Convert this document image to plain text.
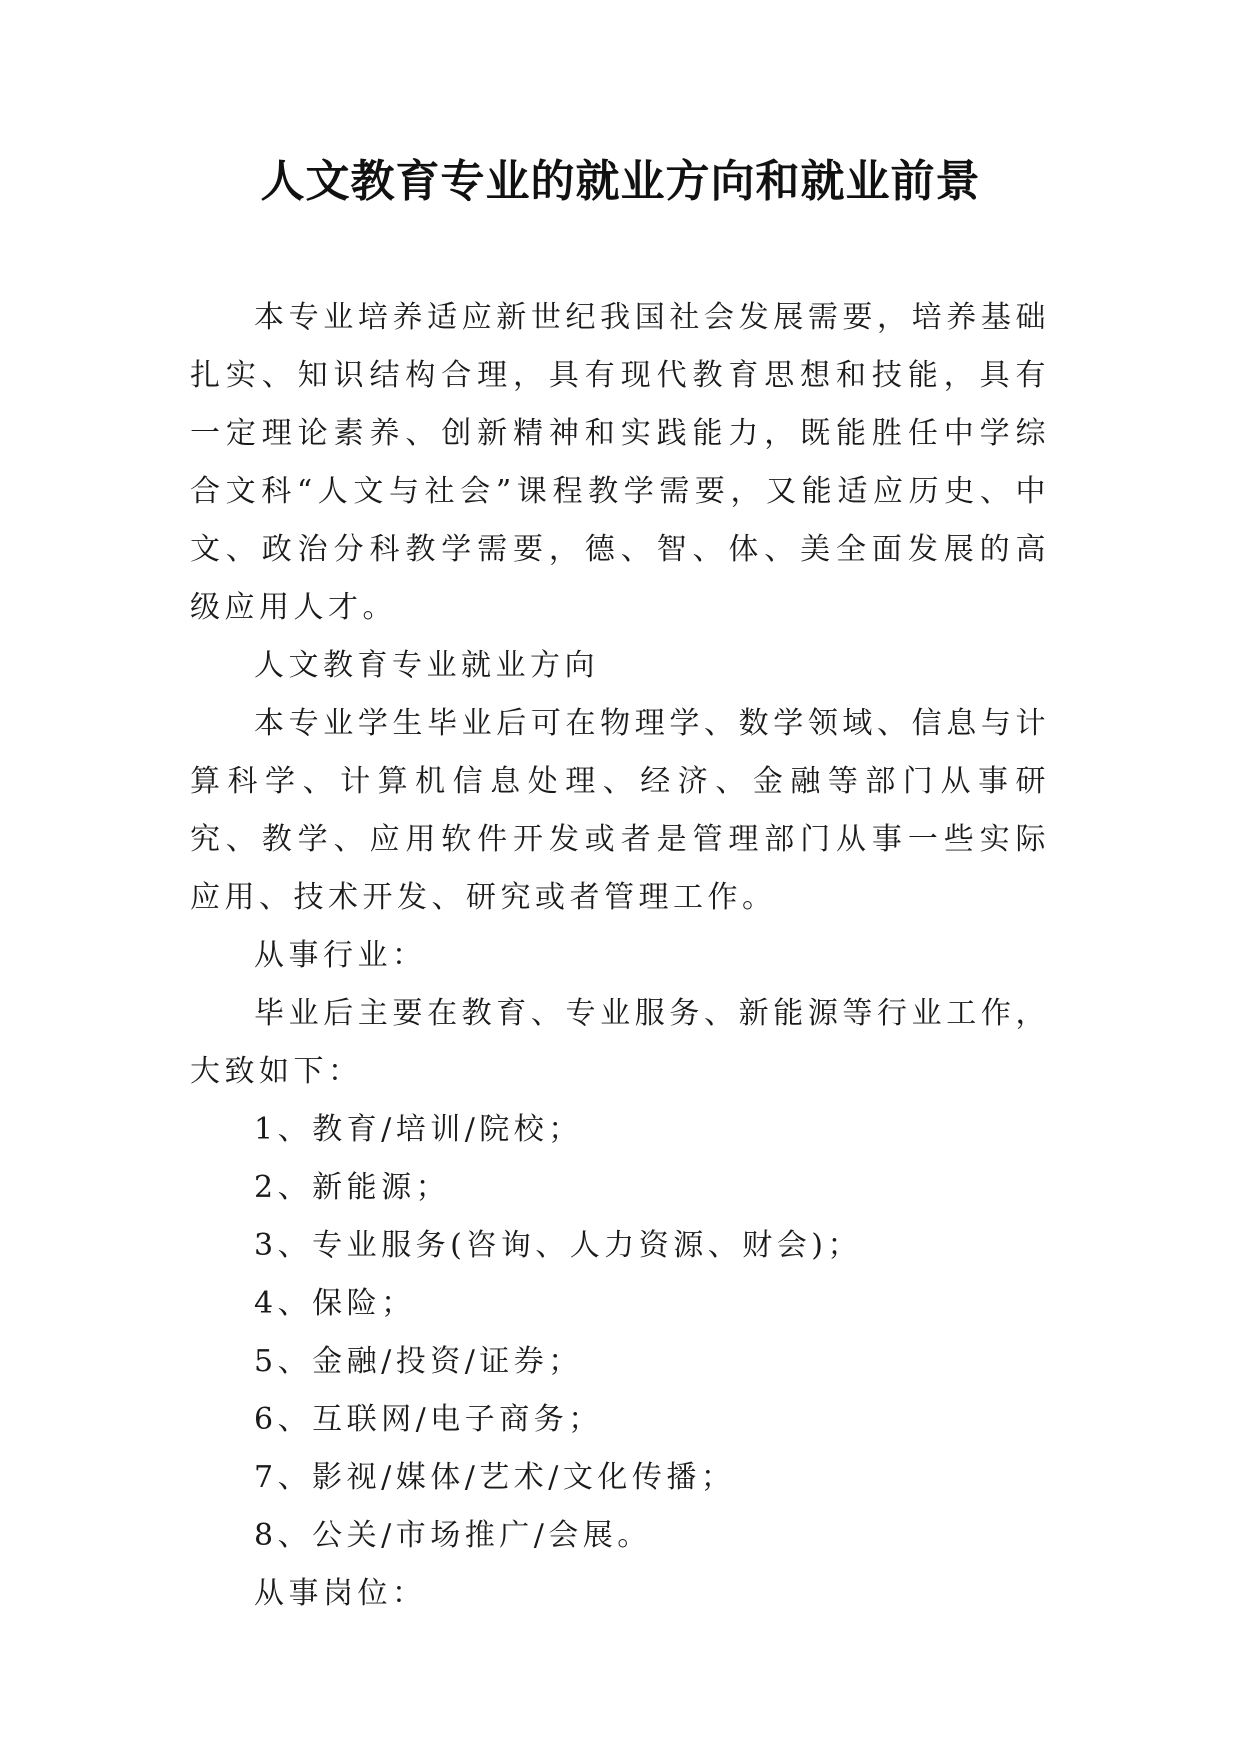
人文教育专业的就业方向和就业前景

本专业培养适应新世纪我国社会发展需要，培养基础扎实、知识结构合理，具有现代教育思想和技能，具有一定理论素养、创新精神和实践能力，既能胜任中学综合文科“人文与社会”课程教学需要，又能适应历史、中文、政治分科教学需要，德、智、体、美全面发展的高级应用人才。

人文教育专业就业方向

本专业学生毕业后可在物理学、数学领域、信息与计算科学、计算机信息处理、经济、金融等部门从事研究、教学、应用软件开发或者是管理部门从事一些实际应用、技术开发、研究或者管理工作。

从事行业：

毕业后主要在教育、专业服务、新能源等行业工作，大致如下：

1、教育/培训/院校；

2、新能源；

3、专业服务(咨询、人力资源、财会)；

4、保险；

5、金融/投资/证券；

6、互联网/电子商务；

7、影视/媒体/艺术/文化传播；

8、公关/市场推广/会展。

从事岗位：
